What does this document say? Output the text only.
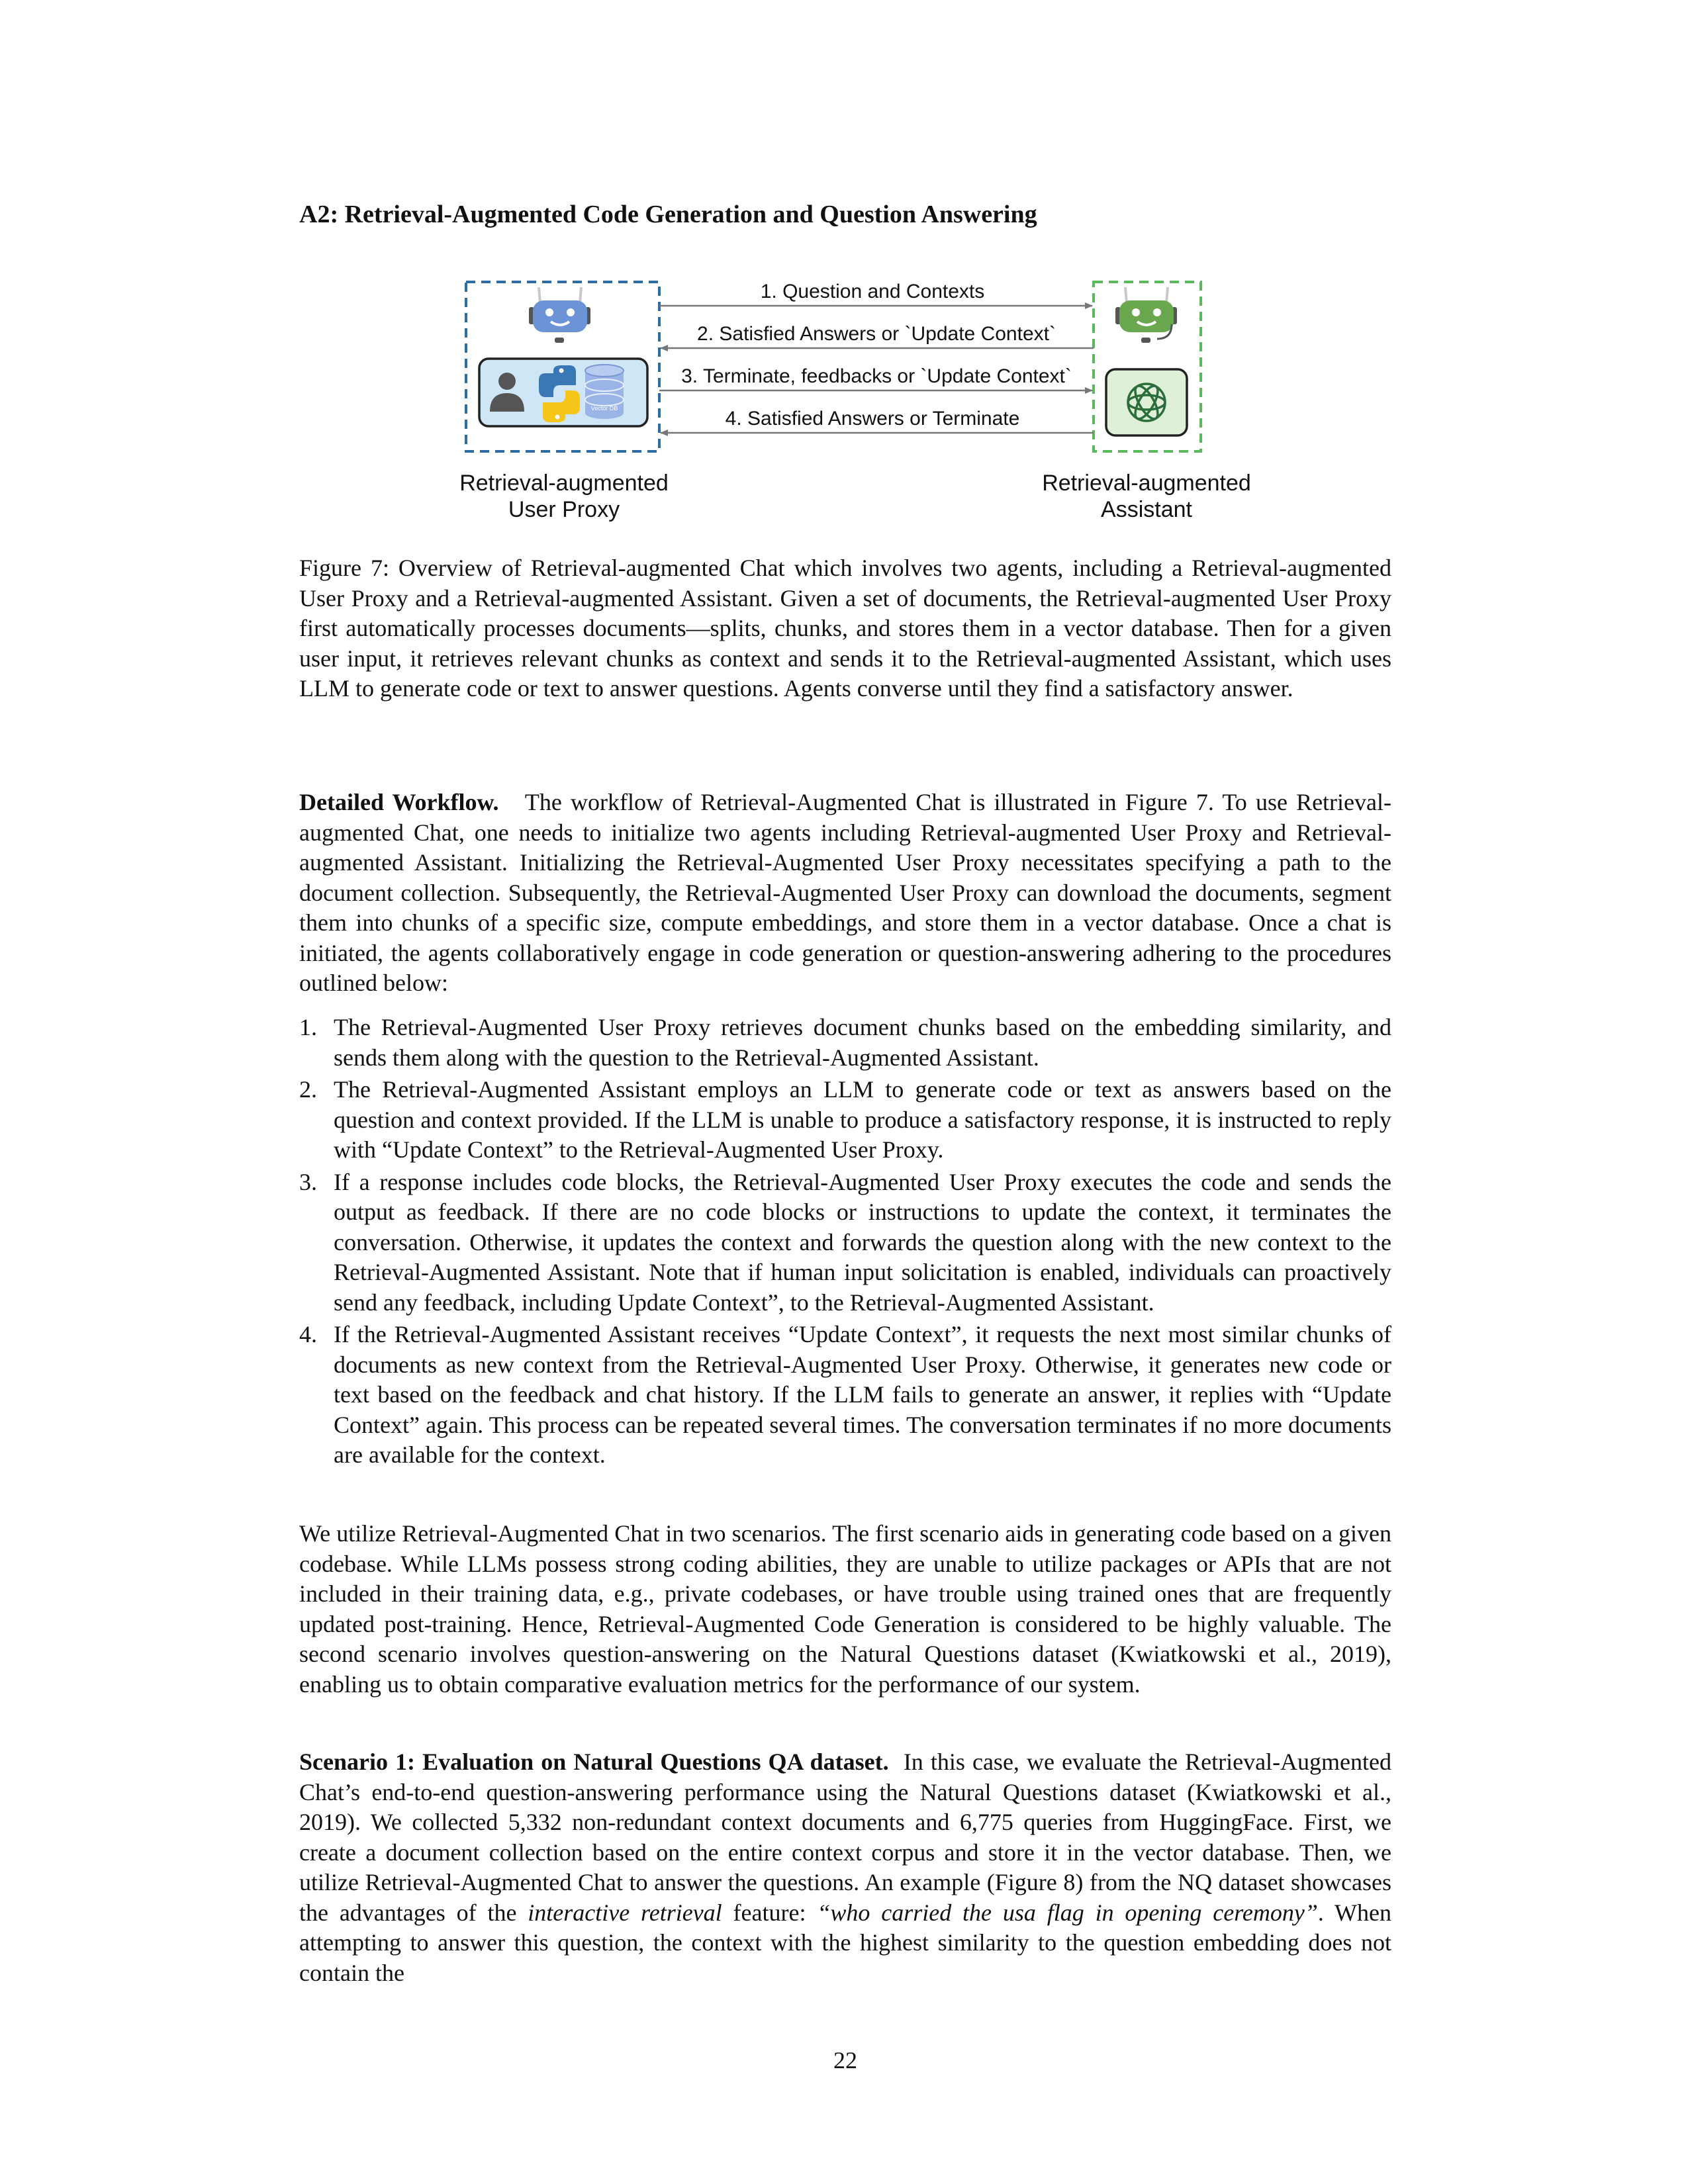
A2: Retrieval-Augmented Code Generation and Question Answering
Vector DB
1. Question and Contexts
2. Satisfied Answers or `Update Context`
3. Terminate, feedbacks or `Update Context`
4. Satisfied Answers or Terminate
Retrieval-augmented
User Proxy
Retrieval-augmented
Assistant
Figure 7: Overview of Retrieval-augmented Chat which involves two agents, including a Retrieval-augmented User Proxy and a Retrieval-augmented Assistant. Given a set of documents, the Retrieval-augmented User Proxy first automatically processes documents—splits, chunks, and stores them in a vector database. Then for a given user input, it retrieves relevant chunks as context and sends it to the Retrieval-augmented Assistant, which uses LLM to generate code or text to answer questions. Agents converse until they find a satisfactory answer.

Detailed Workflow. The workflow of Retrieval-Augmented Chat is illustrated in Figure 7. To use Retrieval-augmented Chat, one needs to initialize two agents including Retrieval-augmented User Proxy and Retrieval-augmented Assistant. Initializing the Retrieval-Augmented User Proxy necessitates specifying a path to the document collection. Subsequently, the Retrieval-Augmented User Proxy can download the documents, segment them into chunks of a specific size, compute embeddings, and store them in a vector database. Once a chat is initiated, the agents collaboratively engage in code generation or question-answering adhering to the procedures outlined below:

1. The Retrieval-Augmented User Proxy retrieves document chunks based on the embedding similarity, and sends them along with the question to the Retrieval-Augmented Assistant.
2. The Retrieval-Augmented Assistant employs an LLM to generate code or text as answers based on the question and context provided. If the LLM is unable to produce a satisfactory response, it is instructed to reply with “Update Context” to the Retrieval-Augmented User Proxy.
3. If a response includes code blocks, the Retrieval-Augmented User Proxy executes the code and sends the output as feedback. If there are no code blocks or instructions to update the context, it terminates the conversation. Otherwise, it updates the context and forwards the question along with the new context to the Retrieval-Augmented Assistant. Note that if human input solicitation is enabled, individuals can proactively send any feedback, including Update Context”, to the Retrieval-Augmented Assistant.
4. If the Retrieval-Augmented Assistant receives “Update Context”, it requests the next most similar chunks of documents as new context from the Retrieval-Augmented User Proxy. Otherwise, it generates new code or text based on the feedback and chat history. If the LLM fails to generate an answer, it replies with “Update Context” again. This process can be repeated several times. The conversation terminates if no more documents are available for the context.

We utilize Retrieval-Augmented Chat in two scenarios. The first scenario aids in generating code based on a given codebase. While LLMs possess strong coding abilities, they are unable to utilize packages or APIs that are not included in their training data, e.g., private codebases, or have trouble using trained ones that are frequently updated post-training. Hence, Retrieval-Augmented Code Generation is considered to be highly valuable. The second scenario involves question-answering on the Natural Questions dataset (Kwiatkowski et al., 2019), enabling us to obtain comparative evaluation metrics for the performance of our system.

Scenario 1: Evaluation on Natural Questions QA dataset. In this case, we evaluate the Retrieval-Augmented Chat’s end-to-end question-answering performance using the Natural Questions dataset (Kwiatkowski et al., 2019). We collected 5,332 non-redundant context documents and 6,775 queries from HuggingFace. First, we create a document collection based on the entire context corpus and store it in the vector database. Then, we utilize Retrieval-Augmented Chat to answer the questions. An example (Figure 8) from the NQ dataset showcases the advantages of the interactive retrieval feature: “who carried the usa flag in opening ceremony”. When attempting to answer this question, the context with the highest similarity to the question embedding does not contain the

22
